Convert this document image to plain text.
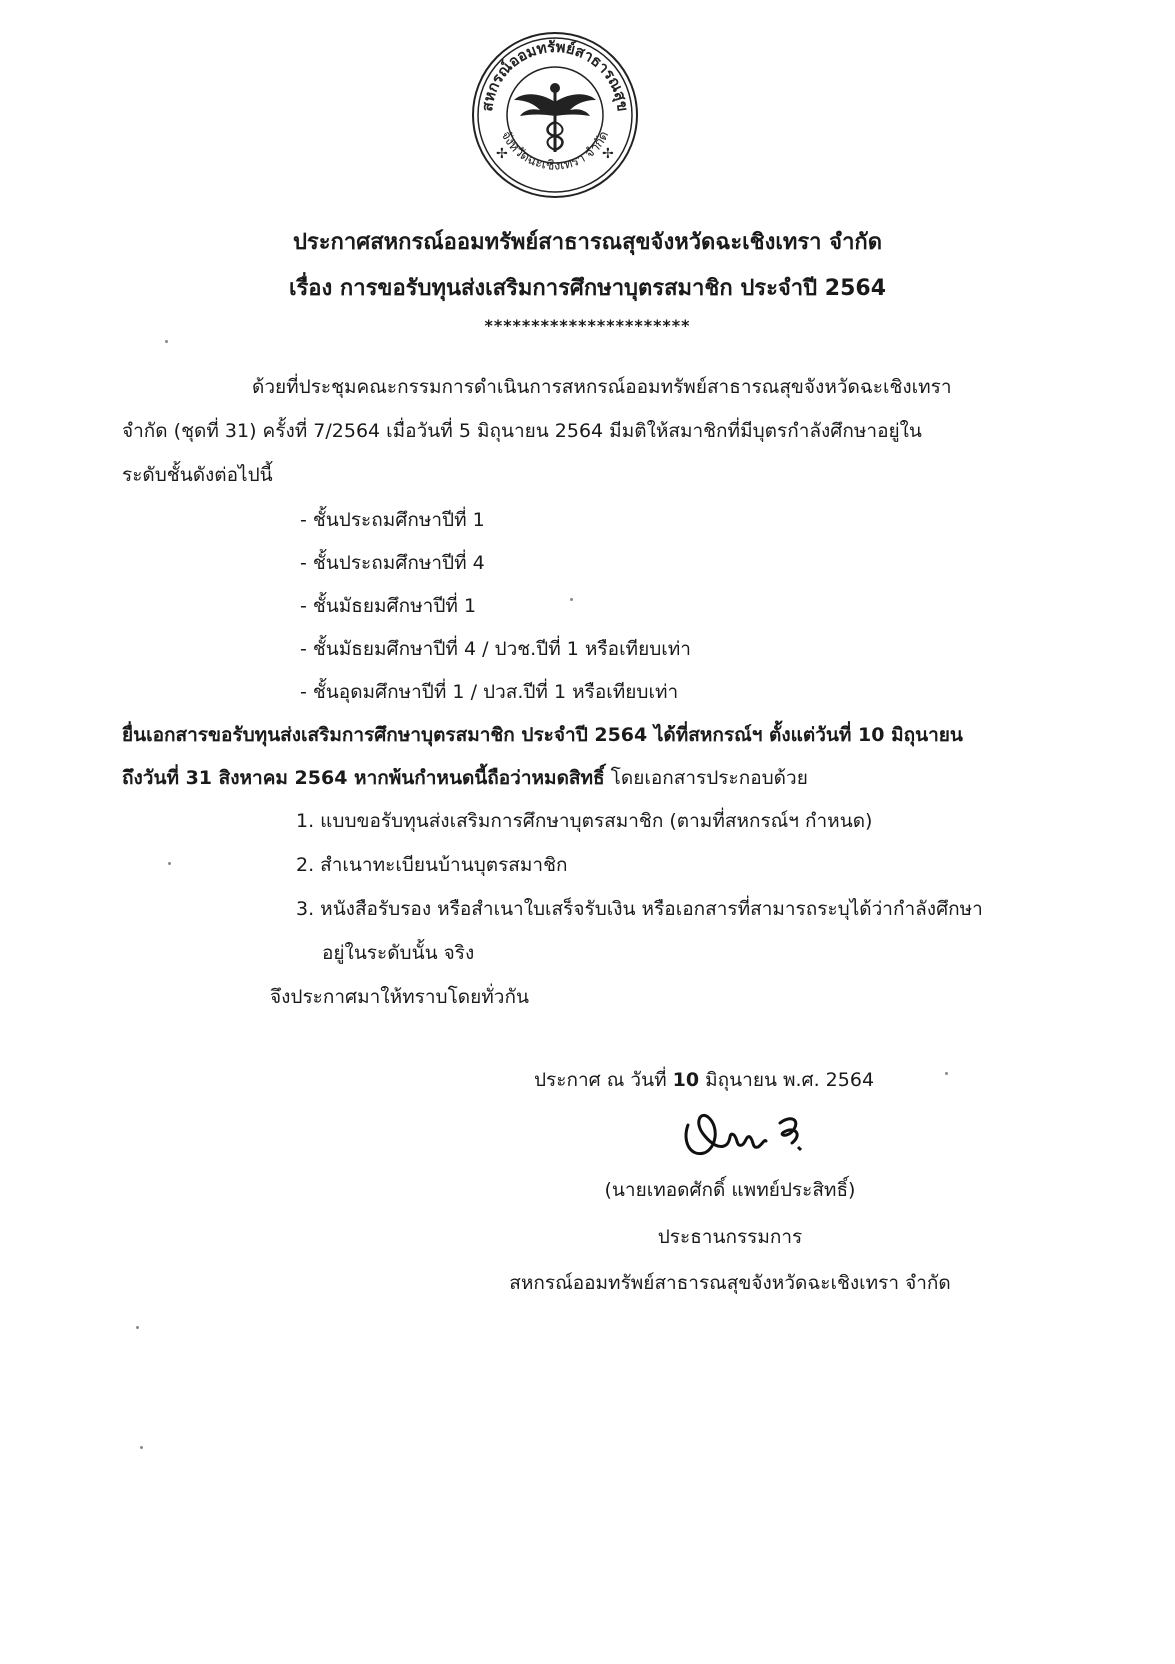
สหกรณ์ออมทรัพย์สาธารณสุข
จังหวัดฉะเชิงเทรา จำกัด
✢	✢
ประกาศสหกรณ์ออมทรัพย์สาธารณสุขจังหวัดฉะเชิงเทรา จำกัด
เรื่อง การขอรับทุนส่งเสริมการศึกษาบุตรสมาชิก ประจำปี 2564
**********************
ด้วยที่ประชุมคณะกรรมการดำเนินการสหกรณ์ออมทรัพย์สาธารณสุขจังหวัดฉะเชิงเทรา
จำกัด (ชุดที่ 31) ครั้งที่ 7/2564 เมื่อวันที่ 5 มิถุนายน 2564 มีมติให้สมาชิกที่มีบุตรกำลังศึกษาอยู่ใน
ระดับชั้นดังต่อไปนี้
- ชั้นประถมศึกษาปีที่ 1
- ชั้นประถมศึกษาปีที่ 4
- ชั้นมัธยมศึกษาปีที่ 1
- ชั้นมัธยมศึกษาปีที่ 4 / ปวช.ปีที่ 1 หรือเทียบเท่า
- ชั้นอุดมศึกษาปีที่ 1 / ปวส.ปีที่ 1 หรือเทียบเท่า
ยื่นเอกสารขอรับทุนส่งเสริมการศึกษาบุตรสมาชิก ประจำปี 2564 ได้ที่สหกรณ์ฯ ตั้งแต่วันที่ 10 มิถุนายน
ถึงวันที่ 31 สิงหาคม 2564 หากพ้นกำหนดนี้ถือว่าหมดสิทธิ์ โดยเอกสารประกอบด้วย
1. แบบขอรับทุนส่งเสริมการศึกษาบุตรสมาชิก (ตามที่สหกรณ์ฯ กำหนด)
2. สำเนาทะเบียนบ้านบุตรสมาชิก
3. หนังสือรับรอง หรือสำเนาใบเสร็จรับเงิน หรือเอกสารที่สามารถระบุได้ว่ากำลังศึกษา
อยู่ในระดับนั้น จริง
จึงประกาศมาให้ทราบโดยทั่วกัน
ประกาศ ณ วันที่ 10 มิถุนายน พ.ศ. 2564
(นายเทอดศักดิ์ แพทย์ประสิทธิ์)
ประธานกรรมการ
สหกรณ์ออมทรัพย์สาธารณสุขจังหวัดฉะเชิงเทรา จำกัด
